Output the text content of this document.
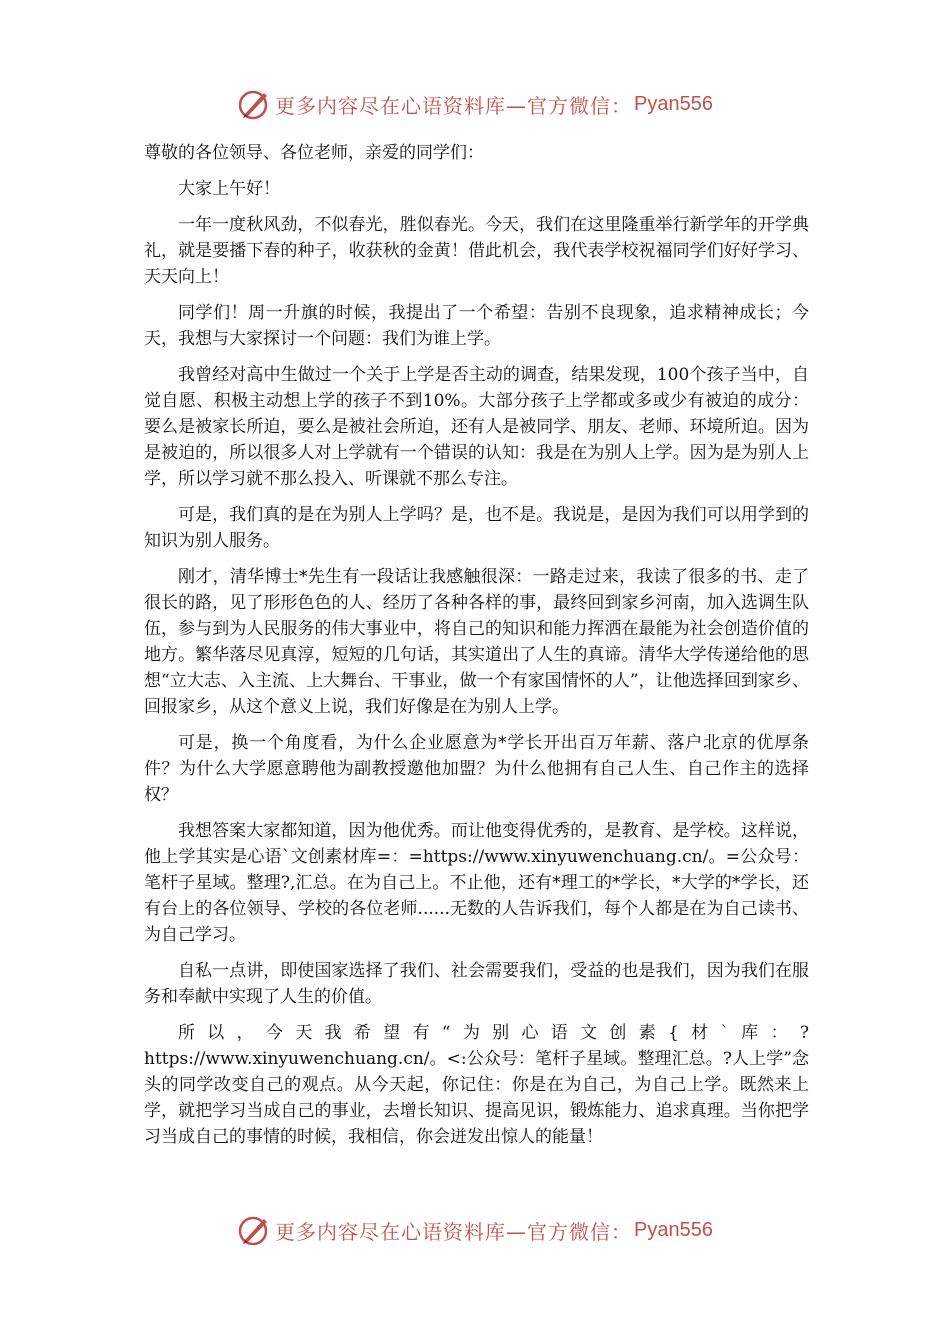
更多内容尽在心语资料库—官方微信： Pyan556

尊敬的各位领导、各位老师，亲爱的同学们：

大家上午好！

一年一度秋风劲，不似春光，胜似春光。今天，我们在这里隆重举行新学年的开学典礼，就是要播下春的种子，收获秋的金黄！借此机会，我代表学校祝福同学们好好学习、天天向上！

同学们！周一升旗的时候，我提出了一个希望：告别不良现象，追求精神成长；今天，我想与大家探讨一个问题：我们为谁上学。

我曾经对高中生做过一个关于上学是否主动的调查，结果发现，100个孩子当中，自觉自愿、积极主动想上学的孩子不到10%。大部分孩子上学都或多或少有被迫的成分：要么是被家长所迫，要么是被社会所迫，还有人是被同学、朋友、老师、环境所迫。因为是被迫的，所以很多人对上学就有一个错误的认知：我是在为别人上学。因为是为别人上学，所以学习就不那么投入、听课就不那么专注。

可是，我们真的是在为别人上学吗？是，也不是。我说是，是因为我们可以用学到的知识为别人服务。

刚才，清华博士*先生有一段话让我感触很深：一路走过来，我读了很多的书、走了很长的路，见了形形色色的人、经历了各种各样的事，最终回到家乡河南，加入选调生队伍，参与到为人民服务的伟大事业中，将自己的知识和能力挥洒在最能为社会创造价值的地方。繁华落尽见真淳，短短的几句话，其实道出了人生的真谛。清华大学传递给他的思想“立大志、入主流、上大舞台、干事业，做一个有家国情怀的人”，让他选择回到家乡、回报家乡，从这个意义上说，我们好像是在为别人上学。

可是，换一个角度看，为什么企业愿意为*学长开出百万年薪、落户北京的优厚条件？为什么大学愿意聘他为副教授邀他加盟？为什么他拥有自己人生、自己作主的选择权？

我想答案大家都知道，因为他优秀。而让他变得优秀的，是教育、是学校。这样说，他上学其实是心语`文创素材库=：=https://www.xinyuwenchuang.cn/。=公众号：笔杆子星域。整理?,汇总。在为自己上。不止他，还有*理工的*学长，*大学的*学长，还有台上的各位领导、学校的各位老师......无数的人告诉我们，每个人都是在为自己读书、为自己学习。

自私一点讲，即使国家选择了我们、社会需要我们，受益的也是我们，因为我们在服务和奉献中实现了人生的价值。

所以，今天我希望有“为别心语文创素{材`库：?https://www.xinyuwenchuang.cn/。<:公众号：笔杆子星域。整理汇总。?人上学”念头的同学改变自己的观点。从今天起，你记住：你是在为自己，为自己上学。既然来上学，就把学习当成自己的事业，去增长知识、提高见识，锻炼能力、追求真理。当你把学习当成自己的事情的时候，我相信，你会迸发出惊人的能量！

更多内容尽在心语资料库—官方微信： Pyan556
